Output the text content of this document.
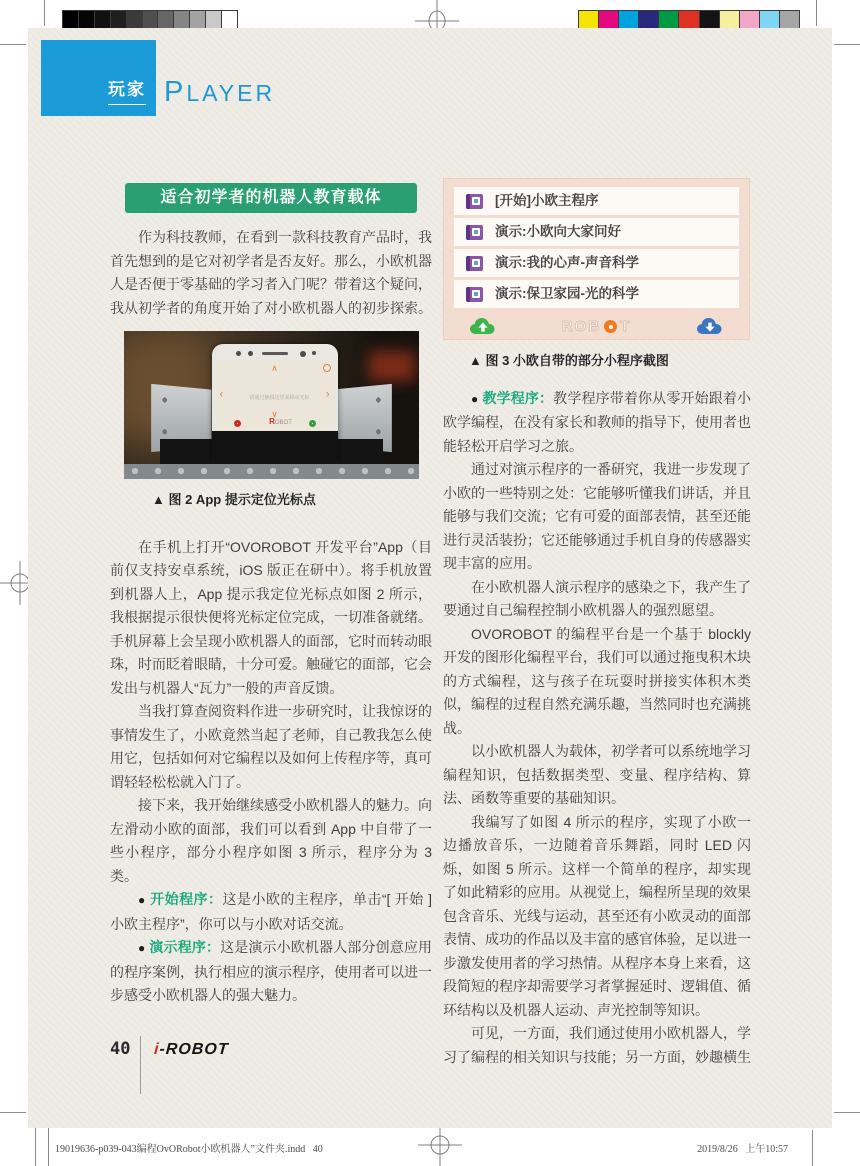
玩家 P LAYER
适合初学者的机器人教育载体

作为科技教师，在看到一款科技教育产品时，我首先想到的是它对初学者是否友好。那么，小欧机器人是否便于零基础的学习者入门呢？带着这个疑问，我从初学者的角度开始了对小欧机器人的初步探索。

∧
∨
‹	›

请通过触摸这里来移动光标

ROBOT

▲ 图 2 App 提示定位光标点

在手机上打开“OVOROBOT 开发平台”App（目前仅支持安卓系统，iOS 版正在研中）。将手机放置到机器人上，App 提示我定位光标点如图 2 所示，我根据提示很快便将光标定位完成，一切准备就绪。手机屏幕上会呈现小欧机器人的面部，它时而转动眼珠，时而眨着眼睛，十分可爱。触碰它的面部，它会发出与机器人“瓦力”一般的声音反馈。

当我打算查阅资料作进一步研究时，让我惊讶的事情发生了，小欧竟然当起了老师，自己教我怎么使用它，包括如何对它编程以及如何上传程序等，真可谓轻轻松松就入门了。

接下来，我开始继续感受小欧机器人的魅力。向左滑动小欧的面部，我们可以看到 App 中自带了一些小程序，部分小程序如图 3 所示，程序分为 3 类。

● 开始程序：这是小欧的主程序，单击“[ 开始 ] 小欧主程序”，你可以与小欧对话交流。

● 演示程序：这是演示小欧机器人部分创意应用的程序案例，执行相应的演示程序，使用者可以进一步感受小欧机器人的强大魅力。

[开始]小欧主程序
演示:小欧向大家问好
演示:我的心声-声音科学
演示:保卫家园-光的科学
ROB T

▲ 图 3 小欧自带的部分小程序截图

● 教学程序：教学程序带着你从零开始跟着小欧学编程，在没有家长和教师的指导下，使用者也能轻松开启学习之旅。

通过对演示程序的一番研究，我进一步发现了小欧的一些特别之处：它能够听懂我们讲话，并且能够与我们交流；它有可爱的面部表情，甚至还能进行灵活装扮；它还能够通过手机自身的传感器实现丰富的应用。

在小欧机器人演示程序的感染之下，我产生了要通过自己编程控制小欧机器人的强烈愿望。

OVOROBOT 的编程平台是一个基于 blockly 开发的图形化编程平台，我们可以通过拖曳积木块的方式编程，这与孩子在玩耍时拼接实体积木类似，编程的过程自然充满乐趣，当然同时也充满挑战。

以小欧机器人为载体，初学者可以系统地学习编程知识，包括数据类型、变量、程序结构、算法、函数等重要的基础知识。

我编写了如图 4 所示的程序，实现了小欧一边播放音乐，一边随着音乐舞蹈，同时 LED 闪烁，如图 5 所示。这样一个简单的程序，却实现了如此精彩的应用。从视觉上，编程所呈现的效果包含音乐、光线与运动，甚至还有小欧灵动的面部表情、成功的作品以及丰富的感官体验，足以进一步激发使用者的学习热情。从程序本身上来看，这段简短的程序却需要学习者掌握延时、逻辑值、循环结构以及机器人运动、声光控制等知识。

可见，一方面，我们通过使用小欧机器人，学习了编程的相关知识与技能；另一方面，妙趣横生

40 i-ROBOT
19019636-p039-043编程OvORobot小欧机器人”文件夹.indd   40	2019/8/26   上午10:57
